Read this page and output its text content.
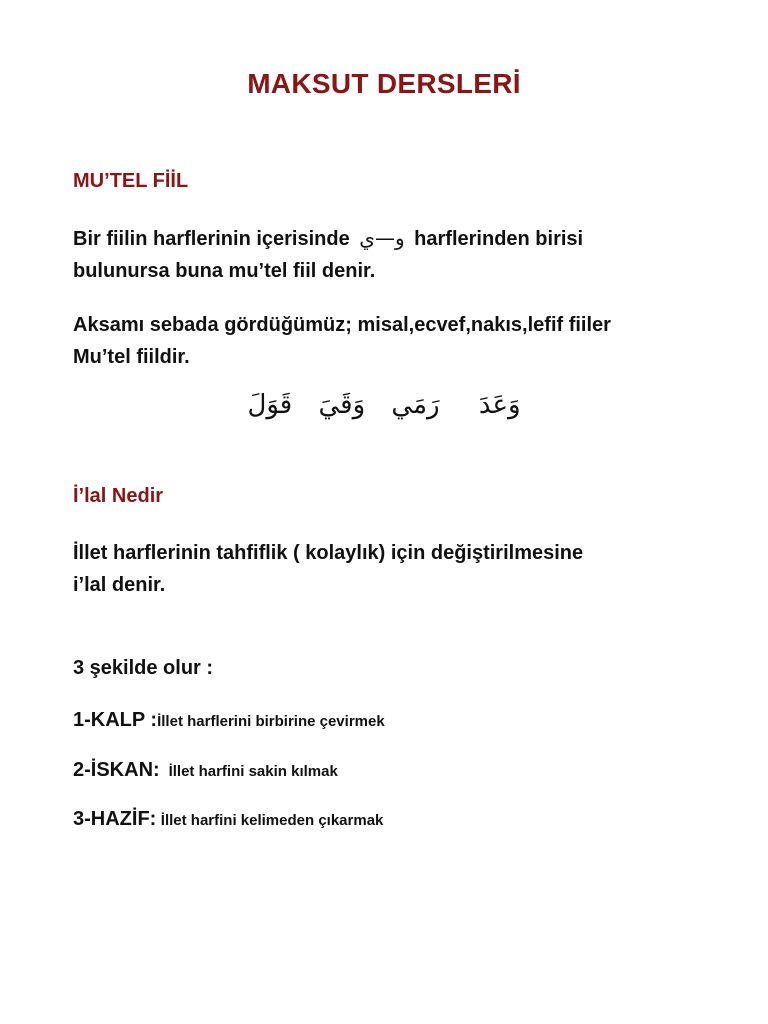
MAKSUT DERSLERİ
MU’TEL FİİL
Bir fiilin harflerinin içerisinde و—ي harflerinden birisi
bulunursa buna mu’tel fiil denir.
Aksamı sebada gördüğümüz; misal,ecvef,nakıs,lefif fiiler
Mu’tel fiildir.
وَعَدَ رَمَي وَقَيَ قَوَلَ
İ’lal Nedir
İllet harflerinin tahfiflik ( kolaylık) için değiştirilmesine
i’lal denir.
3 şekilde olur :
1-KALP :İllet harflerini birbirine çevirmek
2-İSKAN: İllet harfini sakin kılmak
3-HAZİF: İllet harfini kelimeden çıkarmak
